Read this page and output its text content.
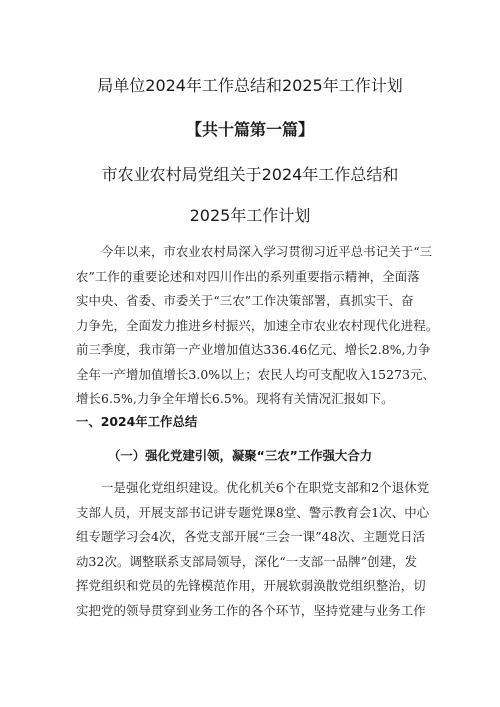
局单位2024年工作总结和2025年工作计划
【共十篇第一篇】
市农业农村局党组关于2024年工作总结和
2025年工作计划
　　今年以来，市农业农村局深入学习贯彻习近平总书记关于“三
农”工作的重要论述和对四川作出的系列重要指示精神，全面落
实中央、省委、市委关于“三农”工作决策部署，真抓实干、奋
力争先，全面发力推进乡村振兴，加速全市农业农村现代化进程。
前三季度，我市第一产业增加值达336.46亿元、增长2.8%,力争
全年一产增加值增长3.0%以上；农民人均可支配收入15273元、
增长6.5%,力争全年增长6.5%。现将有关情况汇报如下。
　　一是强化党组织建设。优化机关6个在职党支部和2个退休党
支部人员，开展支部书记讲专题党课8堂、警示教育会1次、中心
组专题学习会4次，各党支部开展“三会一课”48次、主题党日活
动32次。调整联系支部局领导，深化“一支部一品牌”创建，发
挥党组织和党员的先锋模范作用，开展软弱涣散党组织整治，切
实把党的领导贯穿到业务工作的各个环节，坚持党建与业务工作
一、2024年工作总结
（一）强化党建引领，凝聚“三农”工作强大合力
